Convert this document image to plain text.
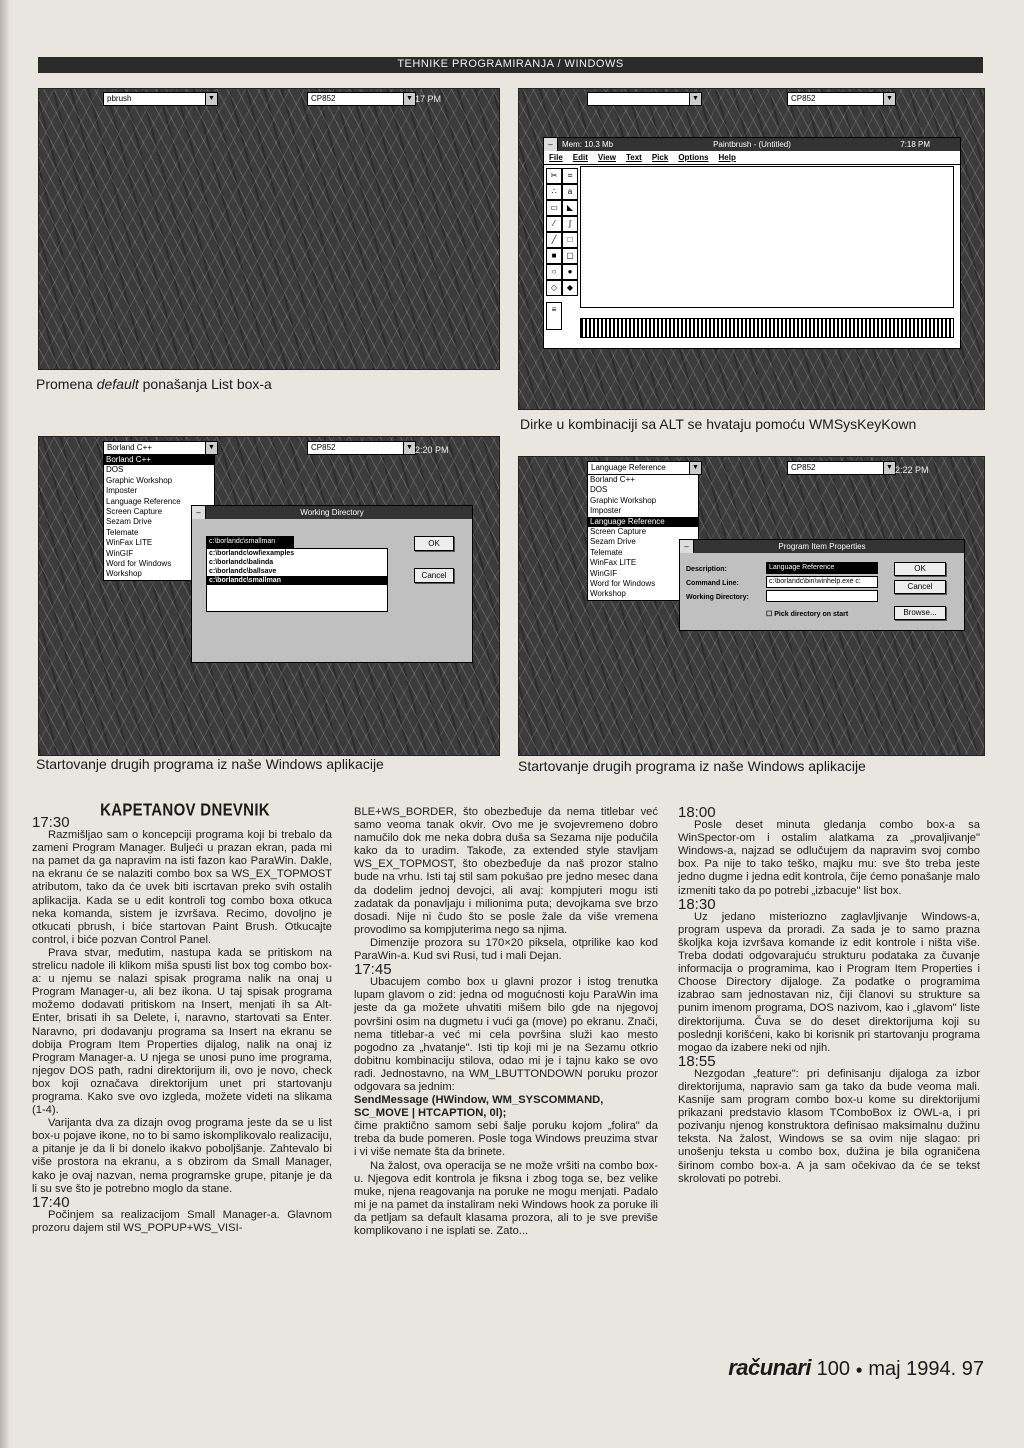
TEHNIKE PROGRAMIRANJA / WINDOWS
pbrush	▼	CP852	▼ 17 PM
Promena default ponašanja List box-a
▼	CP852	▼
Mem: 10.3 Mb	Paintbrush - (Untitled)	7:18 PM
–
File Edit View Text Pick Options Help
✂	⌗
∴	a
▭	◣
⁄	∫
╱	□
■	▢
○	●
◇	◆
≡
Dirke u kombinaciji sa ALT se hvataju pomoću WMSysKeyKown
Borland C++	▼	CP852	▼ 2:20 PM
Borland C++
DOS
Graphic Workshop
Imposter
Language Reference
Screen Capture
Sezam Drive
Telemate
WinFax LITE
WinGIF
Word for Windows
Workshop
Working Directory
–
c:\borlandc\smallman
c:\borlandc\owl\examples
c:\borlandc\balinda
c:\borlandc\ballsave
c:\borlandc\smallman
OK
Cancel
Startovanje drugih programa iz naše Windows aplikacije
Language Reference	▼	CP852	▼ 2:22 PM
Borland C++
DOS
Graphic Workshop
Imposter
Language Reference
Screen Capture
Sezam Drive
Telemate
WinFax LITE
WinGIF
Word for Windows
Workshop
Program Item Properties
–
Description:	Language Reference
Command Line:	c:\borlandc\bin\winhelp.exe c:
Working Directory:
☐ Pick directory on start
OK
Cancel
Browse...
Startovanje drugih programa iz naše Windows aplikacije
KAPETANOV DNEVNIK

17:30

Razmišljao sam o koncepciji programa koji bi trebalo da zameni Program Manager. Bulјeći u prazan ekran, pada mi na pamet da ga napravim na isti fazon kao ParaWin. Dakle, na ekranu će se nalaziti combo box sa WS_EX_TOPMOST atributom, tako da će uvek biti iscrtavan preko svih ostalih aplikacija. Kada se u edit kontroli tog combo boxa otkuca neka komanda, sistem je izvršava. Recimo, dovoljno je otkucati pbrush, i biće startovan Paint Brush. Otkucajte control, i biće pozvan Control Panel.

Prava stvar, međutim, nastupa kada se pritiskom na strelicu nadole ili klikom miša spusti list box tog combo box-a: u njemu se nalazi spisak programa nalik na onaj u Program Manager-u, ali bez ikona. U taj spisak programa možemo dodavati pritiskom na Insert, menjati ih sa Alt-Enter, brisati ih sa Delete, i, naravno, startovati sa Enter. Naravno, pri dodavanju programa sa Insert na ekranu se dobija Program Item Properties dijalog, nalik na onaj iz Program Manager-a. U njega se unosi puno ime programa, njegov DOS path, radni direktorijum ili, ovo je novo, check box koji označava direktorijum unet pri startovanju programa. Kako sve ovo izgleda, možete videti na slikama (1-4).

Varijanta dva za dizajn ovog programa jeste da se u list box-u pojave ikone, no to bi samo iskomplikovalo realizaciju, a pitanje je da li bi donelo ikakvo poboljšanje. Zahtevalo bi više prostora na ekranu, a s obzirom da Small Manager, kako je ovaj nazvan, nema programske grupe, pitanje je da li su sve što je potrebno moglo da stane.

17:40

Počinjem sa realizacijom Small Manager-a. Glavnom prozoru dajem stil WS_POPUP+WS_VISI-

BLE+WS_BORDER, što obezbeđuje da nema titlebar već samo veoma tanak okvir. Ovo me je svojevremeno dobro namučilo dok me neka dobra duša sa Sezama nije podučila kako da to uradim. Takođe, za extended style stavljam WS_EX_TOPMOST, što obezbeđuje da naš prozor stalno bude na vrhu. Isti taj stil sam pokušao pre jedno mesec dana da dodelim jednoj devojci, ali avaj: kompjuteri mogu isti zadatak da ponavljaju i milionima puta; devojkama sve brzo dosadi. Nije ni čudo što se posle žale da više vremena provodimo sa kompjuterima nego sa njima.

Dimenzije prozora su 170×20 piksela, otprilike kao kod ParaWin-a. Kud svi Rusi, tud i mali Dejan.

17:45

Ubacujem combo box u glavni prozor i istog trenutka lupam glavom o zid: jedna od mogućnosti koju ParaWin ima jeste da ga možete uhvatiti mišem bilo gde na njegovoj površini osim na dugmetu i vući ga (move) po ekranu. Znači, nema titlebar-a već mi cela površina služi kao mesto pogodno za „hvatanje". Isti tip koji mi je na Sezamu otkrio dobitnu kombinaciju stilova, odao mi je i tajnu kako se ovo radi. Jednostavno, na WM_LBUTTONDOWN poruku prozor odgovara sa jednim:

SendMessage (HWindow, WM_SYSCOMMAND, SC_MOVE | HTCAPTION, 0l);

čime praktično samom sebi šalje poruku kojom „folira" da treba da bude pomeren. Posle toga Windows preuzima stvar i vi više nemate šta da brinete.

Na žalost, ova operacija se ne može vršiti na combo box-u. Njegova edit kontrola je fiksna i zbog toga se, bez velike muke, njena reagovanja na poruke ne mogu menjati. Padalo mi je na pamet da instaliram neki Windows hook za poruke ili da petljam sa default klasama prozora, ali to je sve previše komplikovano i ne isplati se. Zato...

18:00

Posle deset minuta gledanja combo box-a sa WinSpector-om i ostalim alatkama za „provaljivanje" Windows-a, najzad se odlučujem da napravim svoj combo box. Pa nije to tako teško, majku mu: sve što treba jeste jedno dugme i jedna edit kontrola, čije ćemo ponašanje malo izmeniti tako da po potrebi „izbacuje" list box.

18:30

Uz jedano misteriozno zaglavljivanje Windows-a, program uspeva da proradi. Za sada je to samo prazna školjka koja izvršava komande iz edit kontrole i ništa više. Treba dodati odgovarajuću strukturu podataka za čuvanje informacija o programima, kao i Program Item Properties i Choose Directory dijaloge. Za podatke o programima izabrao sam jednostavan niz, čiji članovi su strukture sa punim imenom programa, DOS nazivom, kao i „glavom" liste direktorijuma. Čuva se do deset direktorijuma koji su poslednji korišćeni, kako bi korisnik pri startovanju programa mogao da izabere neki od njih.

18:55

Nezgodan „feature": pri definisanju dijaloga za izbor direktorijuma, napravio sam ga tako da bude veoma mali. Kasnije sam program combo box-u kome su direktorijumi prikazani predstavio klasom TComboBox iz OWL-a, i pri pozivanju njenog konstruktora definisao maksimalnu dužinu teksta. Na žalost, Windows se sa ovim nije slagao: pri unošenju teksta u combo box, dužina je bila ograničena širinom combo box-a. A ja sam očekivao da će se tekst skrolovati po potrebi.

računari 100 ● maj 1994. 97
